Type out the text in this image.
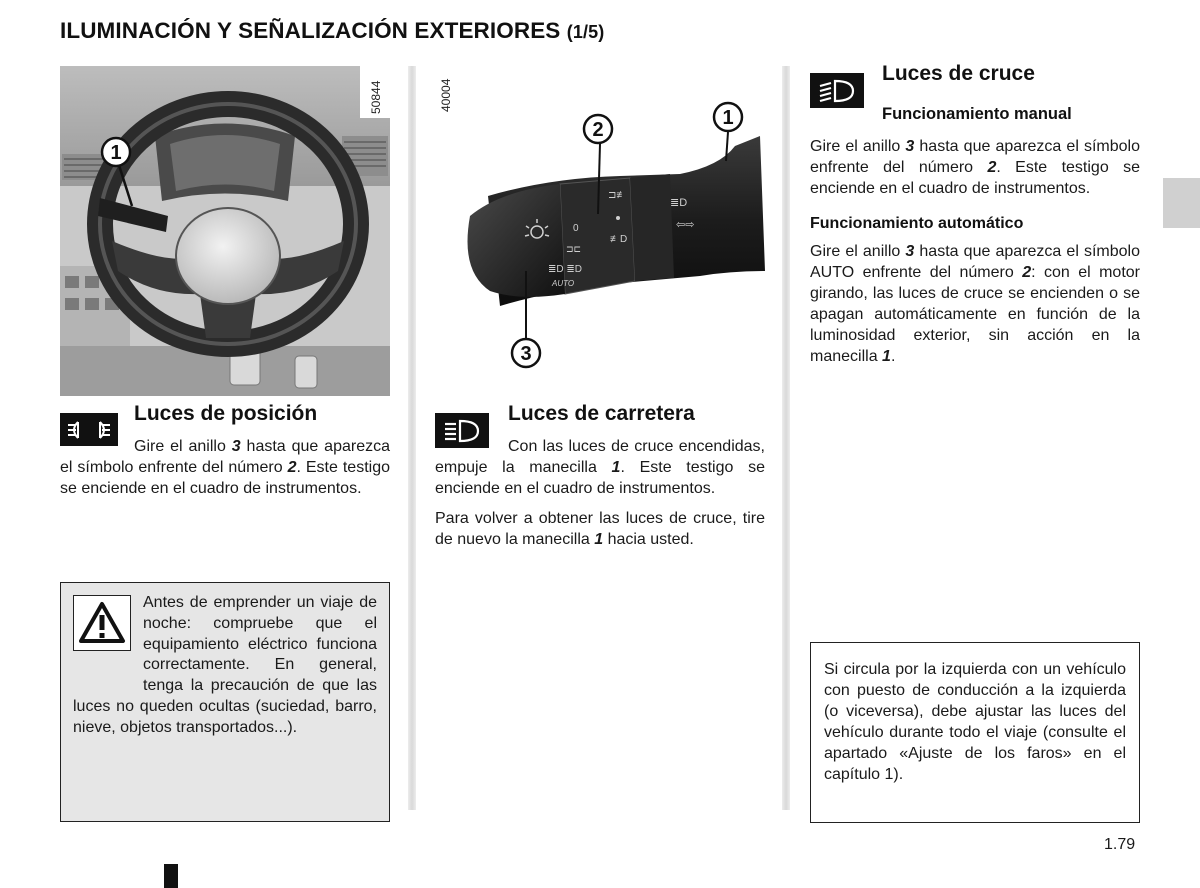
ILUMINACIÓN Y SEÑALIZACIÓN EXTERIORES (1/5)
1
50844	40004
0
⊐⊏
≣D ≣D
AUTO
⊐≢
≢D
≣D
⇦⇨
1
2
3
Luces de posición

Gire el anillo 3 hasta que aparezca el símbolo enfrente del número 2. Este testigo se enciende en el cuadro de instrumentos.

Antes de emprender un viaje de noche: compruebe que el equipamiento eléctrico funciona correctamente. En general, tenga la precaución de que las luces no queden ocultas (suciedad, barro, nieve, objetos transportados...).

Luces de carretera

Con las luces de cruce encendidas, empuje la manecilla 1. Este testigo se enciende en el cuadro de instrumentos.

Para volver a obtener las luces de cruce, tire de nuevo la manecilla 1 hacia usted.

Luces de cruce
Funcionamiento manual

Gire el anillo 3 hasta que aparezca el símbolo enfrente del número 2. Este testigo se enciende en el cuadro de instrumentos.

Funcionamiento automático

Gire el anillo 3 hasta que aparezca el símbolo AUTO enfrente del número 2: con el motor girando, las luces de cruce se encienden o se apagan automáticamente en función de la luminosidad exterior, sin acción en la manecilla 1.

Si circula por la izquierda con un vehículo con puesto de conducción a la izquierda (o viceversa), debe ajustar las luces del vehículo durante todo el viaje (consulte el apartado «Ajuste de los faros» en el capítulo 1).

1.79
